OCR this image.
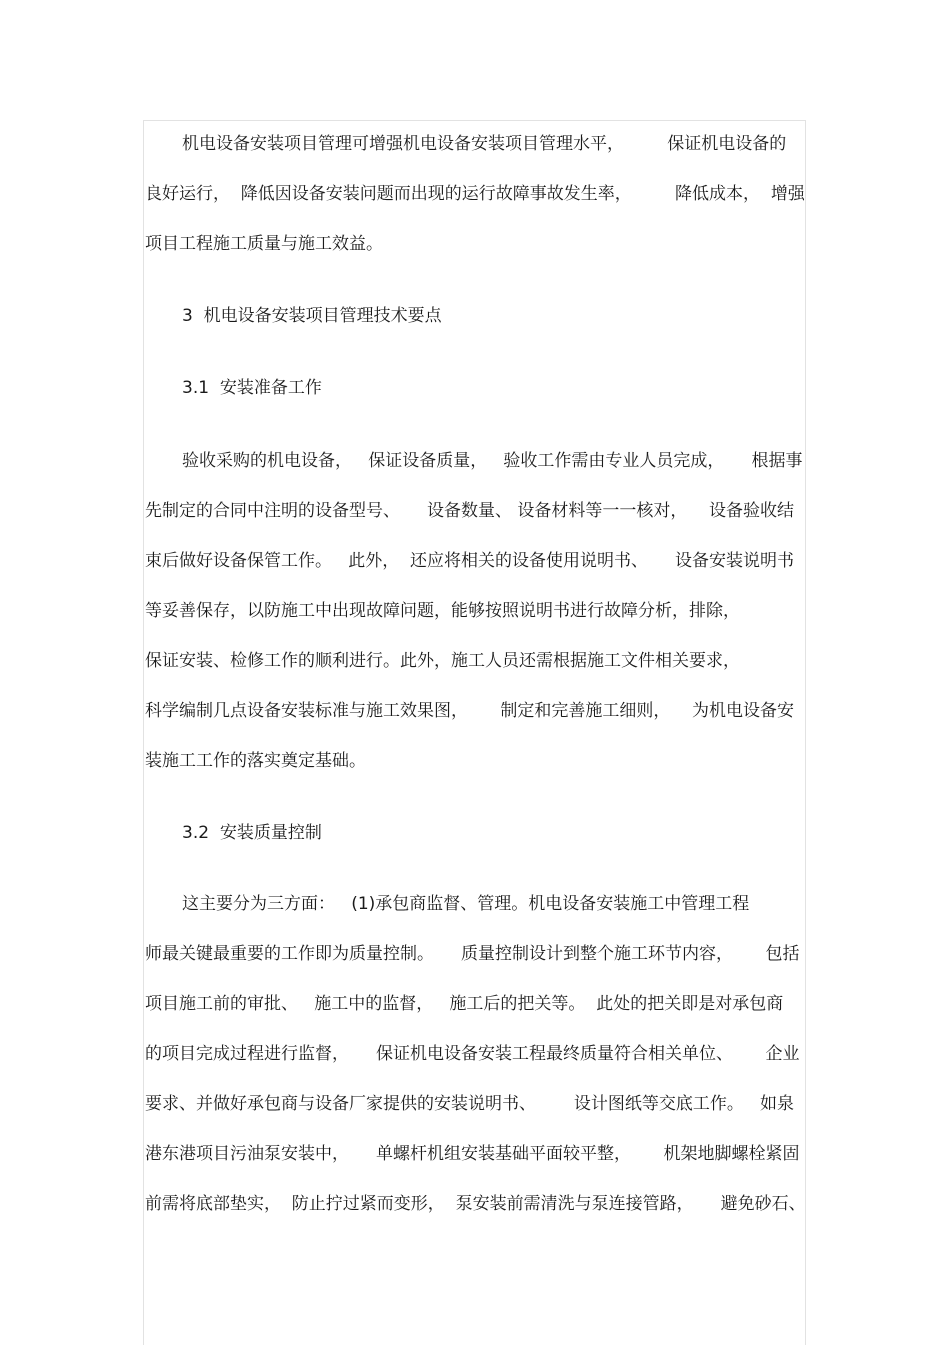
机电设备安装项目管理可增强机电设备安装项目管理水平，        保证机电设备的
良好运行，  降低因设备安装问题而出现的运行故障事故发生率，        降低成本，  增强
项目工程施工质量与施工效益。
3  机电设备安装项目管理技术要点
3.1  安装准备工作
验收采购的机电设备，   保证设备质量，   验收工作需由专业人员完成，     根据事
先制定的合同中注明的设备型号、     设备数量、 设备材料等一一核对，    设备验收结
束后做好设备保管工作。   此外，  还应将相关的设备使用说明书、     设备安装说明书
等妥善保存，以防施工中出现故障问题，能够按照说明书进行故障分析，排除，
保证安装、检修工作的顺利进行。此外，施工人员还需根据施工文件相关要求，
科学编制几点设备安装标准与施工效果图，      制定和完善施工细则，    为机电设备安
装施工工作的落实奠定基础。
3.2  安装质量控制
这主要分为三方面：   (1)承包商监督、管理。机电设备安装施工中管理工程
师最关键最重要的工作即为质量控制。     质量控制设计到整个施工环节内容，      包括
项目施工前的审批、   施工中的监督，   施工后的把关等。  此处的把关即是对承包商
的项目完成过程进行监督，     保证机电设备安装工程最终质量符合相关单位、      企业
要求、并做好承包商与设备厂家提供的安装说明书、       设计图纸等交底工作。   如泉
港东港项目污油泵安装中，     单螺杆机组安装基础平面较平整，      机架地脚螺栓紧固
前需将底部垫实，  防止拧过紧而变形，  泵安装前需清洗与泵连接管路，     避免砂石、
